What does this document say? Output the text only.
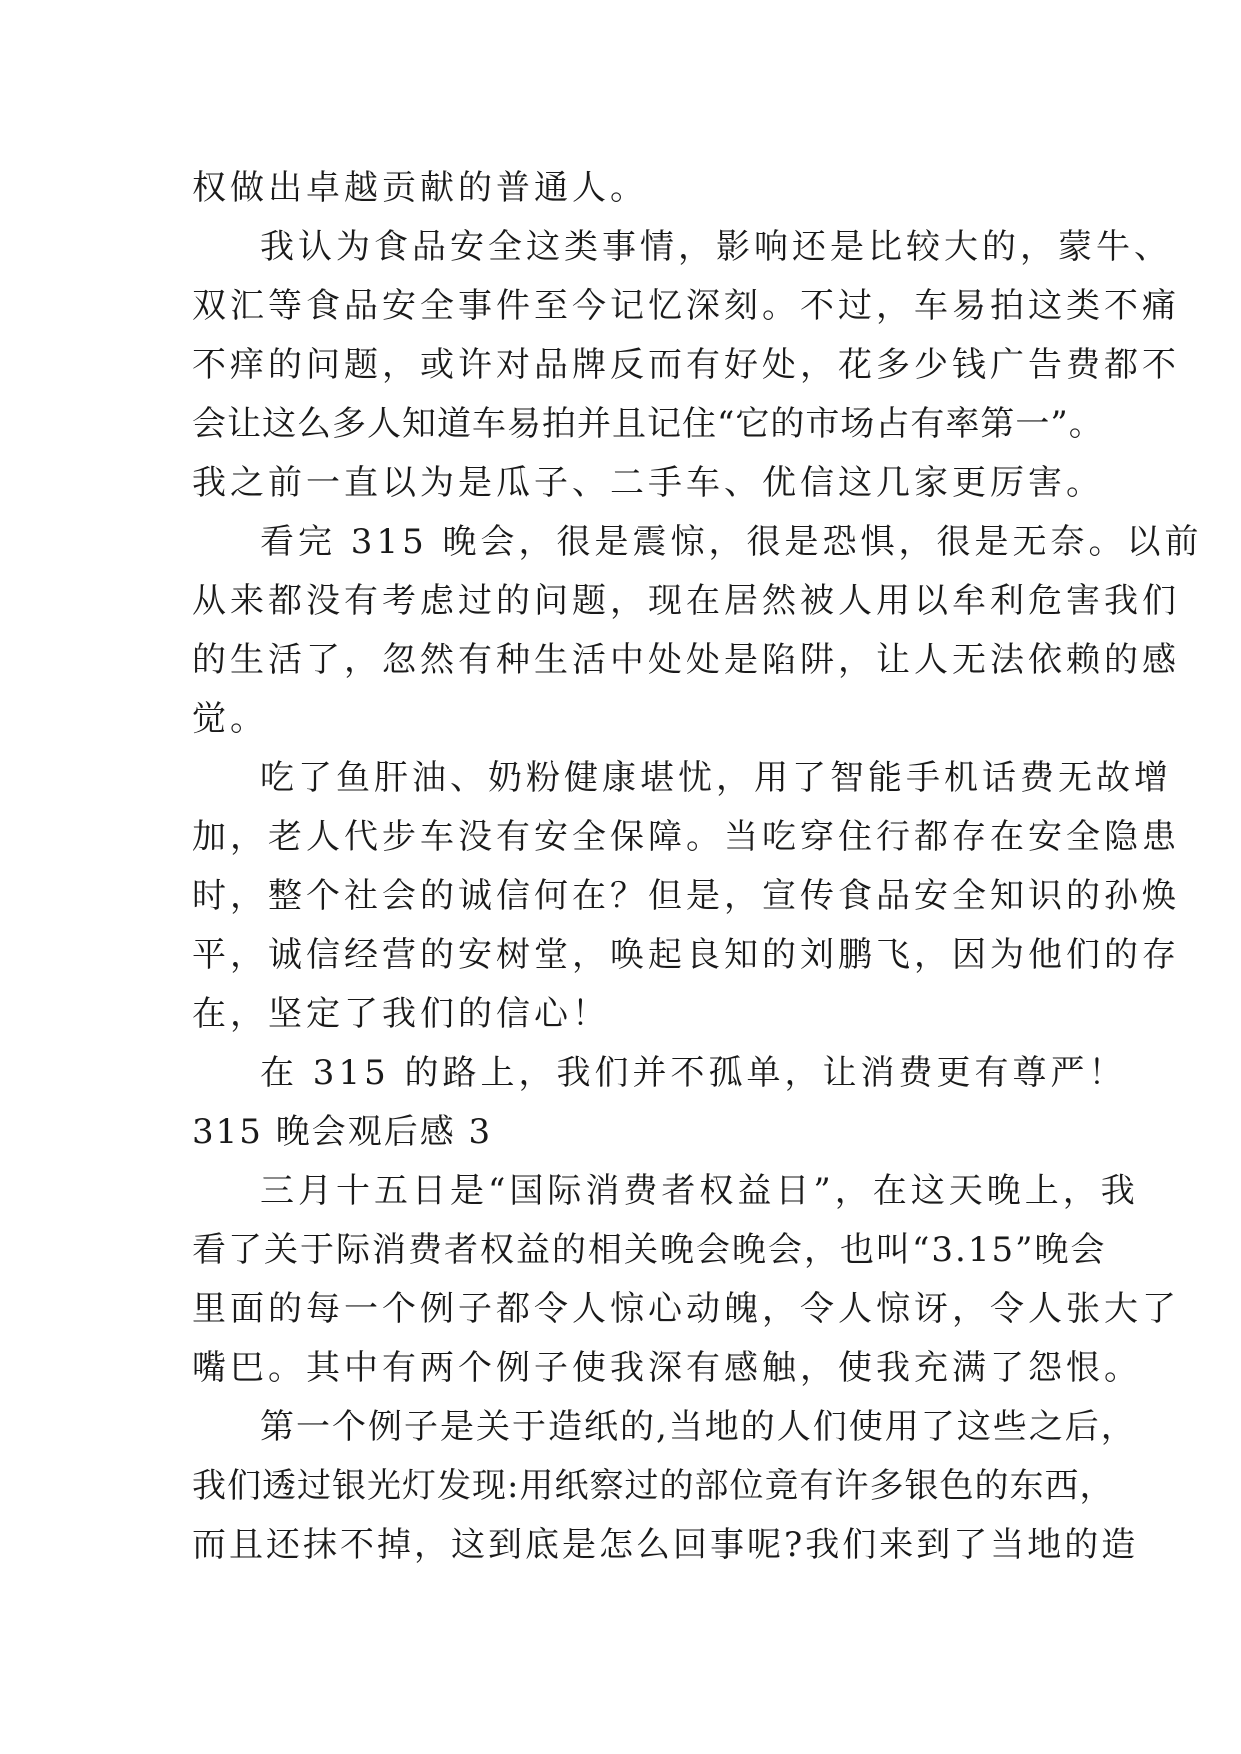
权做出卓越贡献的普通人。
我认为食品安全这类事情，影响还是比较大的，蒙牛、
双汇等食品安全事件至今记忆深刻。不过，车易拍这类不痛
不痒的问题，或许对品牌反而有好处，花多少钱广告费都不
会让这么多人知道车易拍并且记住“它的市场占有率第一”。
我之前一直以为是瓜子、二手车、优信这几家更厉害。
看完 315 晚会，很是震惊，很是恐惧，很是无奈。以前
从来都没有考虑过的问题，现在居然被人用以牟利危害我们
的生活了，忽然有种生活中处处是陷阱，让人无法依赖的感
觉。
吃了鱼肝油、奶粉健康堪忧，用了智能手机话费无故增
加，老人代步车没有安全保障。当吃穿住行都存在安全隐患
时，整个社会的诚信何在？但是，宣传食品安全知识的孙焕
平，诚信经营的安树堂，唤起良知的刘鹏飞，因为他们的存
在，坚定了我们的信心！
在 315 的路上，我们并不孤单，让消费更有尊严！
315 晚会观后感 3
三月十五日是“国际消费者权益日”，在这天晚上，我
看了关于际消费者权益的相关晚会晚会，也叫“3.15”晚会
里面的每一个例子都令人惊心动魄，令人惊讶，令人张大了
嘴巴。其中有两个例子使我深有感触，使我充满了怨恨。
第一个例子是关于造纸的,当地的人们使用了这些之后，
我们透过银光灯发现:用纸察过的部位竟有许多银色的东西，
而且还抹不掉，这到底是怎么回事呢?我们来到了当地的造
